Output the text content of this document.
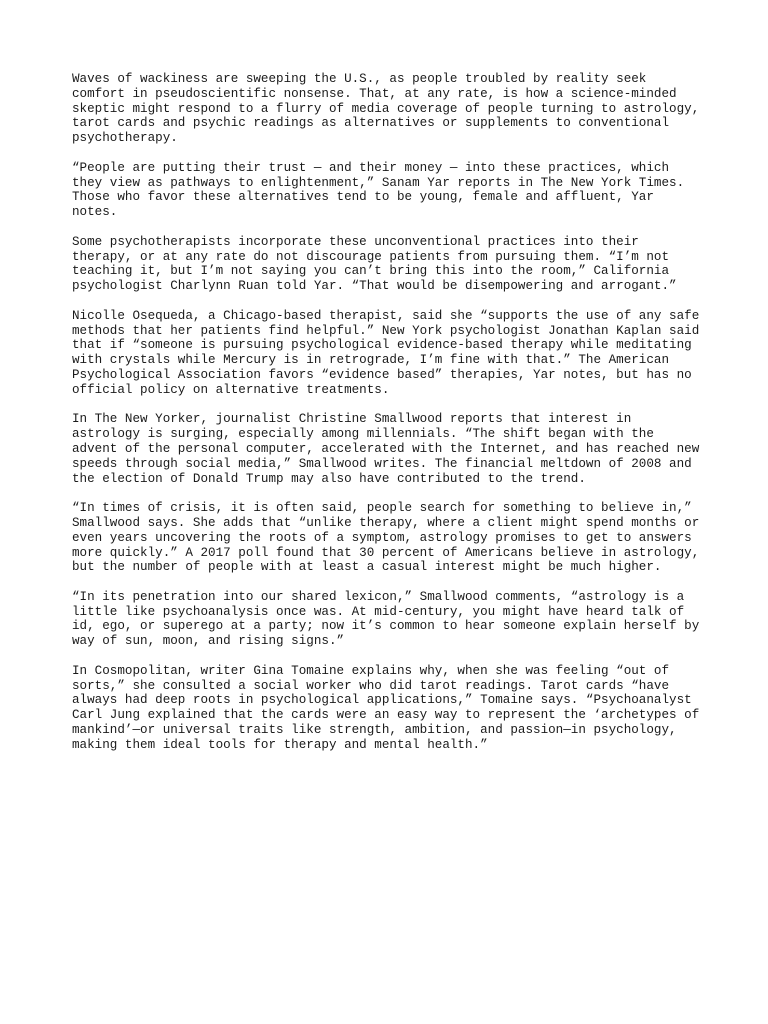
Waves of wackiness are sweeping the U.S., as people troubled by reality seek
comfort in pseudoscientific nonsense. That, at any rate, is how a science-minded
skeptic might respond to a flurry of media coverage of people turning to astrology,
tarot cards and psychic readings as alternatives or supplements to conventional
psychotherapy.

“People are putting their trust — and their money — into these practices, which
they view as pathways to enlightenment,” Sanam Yar reports in The New York Times.
Those who favor these alternatives tend to be young, female and affluent, Yar
notes.

Some psychotherapists incorporate these unconventional practices into their
therapy, or at any rate do not discourage patients from pursuing them. “I’m not
teaching it, but I’m not saying you can’t bring this into the room,” California
psychologist Charlynn Ruan told Yar. “That would be disempowering and arrogant.”

Nicolle Osequeda, a Chicago-based therapist, said she “supports the use of any safe
methods that her patients find helpful.” New York psychologist Jonathan Kaplan said
that if “someone is pursuing psychological evidence-based therapy while meditating
with crystals while Mercury is in retrograde, I’m fine with that.” The American
Psychological Association favors “evidence based” therapies, Yar notes, but has no
official policy on alternative treatments.

In The New Yorker, journalist Christine Smallwood reports that interest in
astrology is surging, especially among millennials. “The shift began with the
advent of the personal computer, accelerated with the Internet, and has reached new
speeds through social media,” Smallwood writes. The financial meltdown of 2008 and
the election of Donald Trump may also have contributed to the trend.

“In times of crisis, it is often said, people search for something to believe in,”
Smallwood says. She adds that “unlike therapy, where a client might spend months or
even years uncovering the roots of a symptom, astrology promises to get to answers
more quickly.” A 2017 poll found that 30 percent of Americans believe in astrology,
but the number of people with at least a casual interest might be much higher.

“In its penetration into our shared lexicon,” Smallwood comments, “astrology is a
little like psychoanalysis once was. At mid-century, you might have heard talk of
id, ego, or superego at a party; now it’s common to hear someone explain herself by
way of sun, moon, and rising signs.”

In Cosmopolitan, writer Gina Tomaine explains why, when she was feeling “out of
sorts,” she consulted a social worker who did tarot readings. Tarot cards “have
always had deep roots in psychological applications,” Tomaine says. “Psychoanalyst
Carl Jung explained that the cards were an easy way to represent the ‘archetypes of
mankind’—or universal traits like strength, ambition, and passion—in psychology,
making them ideal tools for therapy and mental health.”
